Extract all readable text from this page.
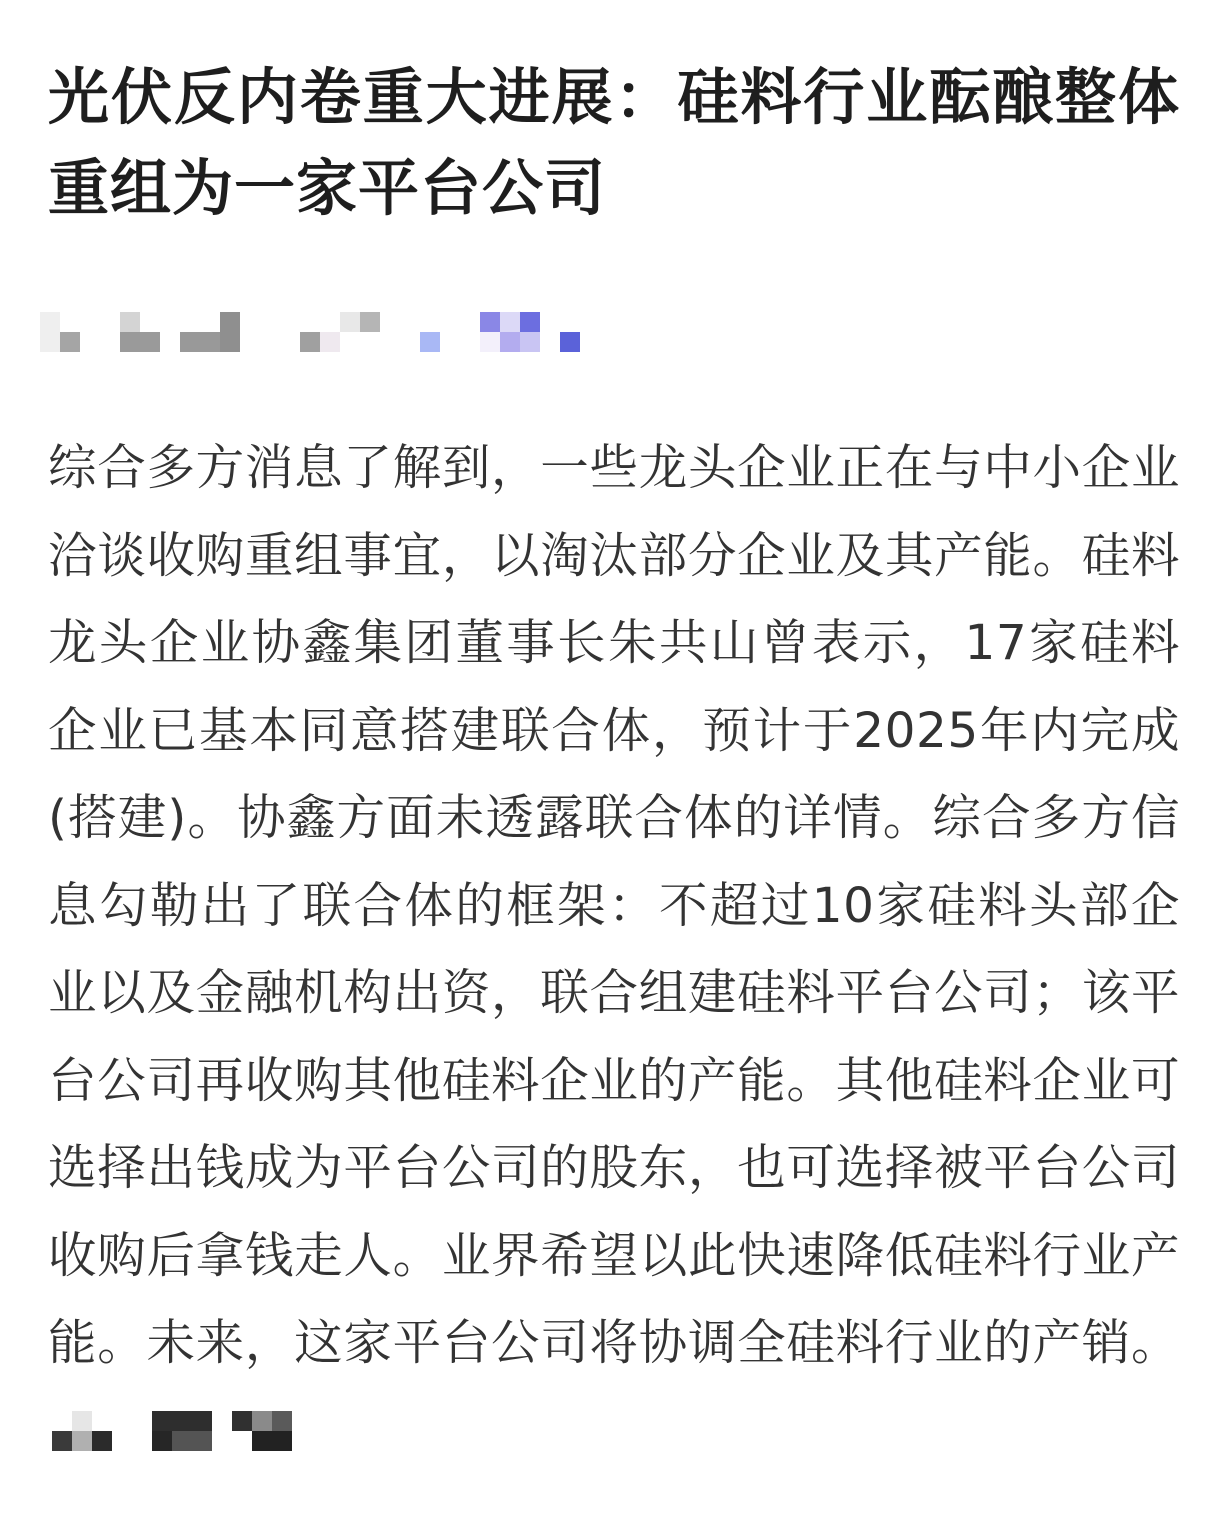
光伏反内卷重大进展：硅料行业酝酿整体重组为一家平台公司

综合多方消息了解到，一些龙头企业正在与中小企业洽谈收购重组事宜，以淘汰部分企业及其产能。硅料龙头企业协鑫集团董事长朱共山曾表示，17家硅料企业已基本同意搭建联合体，预计于2025年内完成(搭建)。协鑫方面未透露联合体的详情。综合多方信息勾勒出了联合体的框架：不超过10家硅料头部企业以及金融机构出资，联合组建硅料平台公司；该平台公司再收购其他硅料企业的产能。其他硅料企业可选择出钱成为平台公司的股东，也可选择被平台公司收购后拿钱走人。业界希望以此快速降低硅料行业产能。未来，这家平台公司将协调全硅料行业的产销。
